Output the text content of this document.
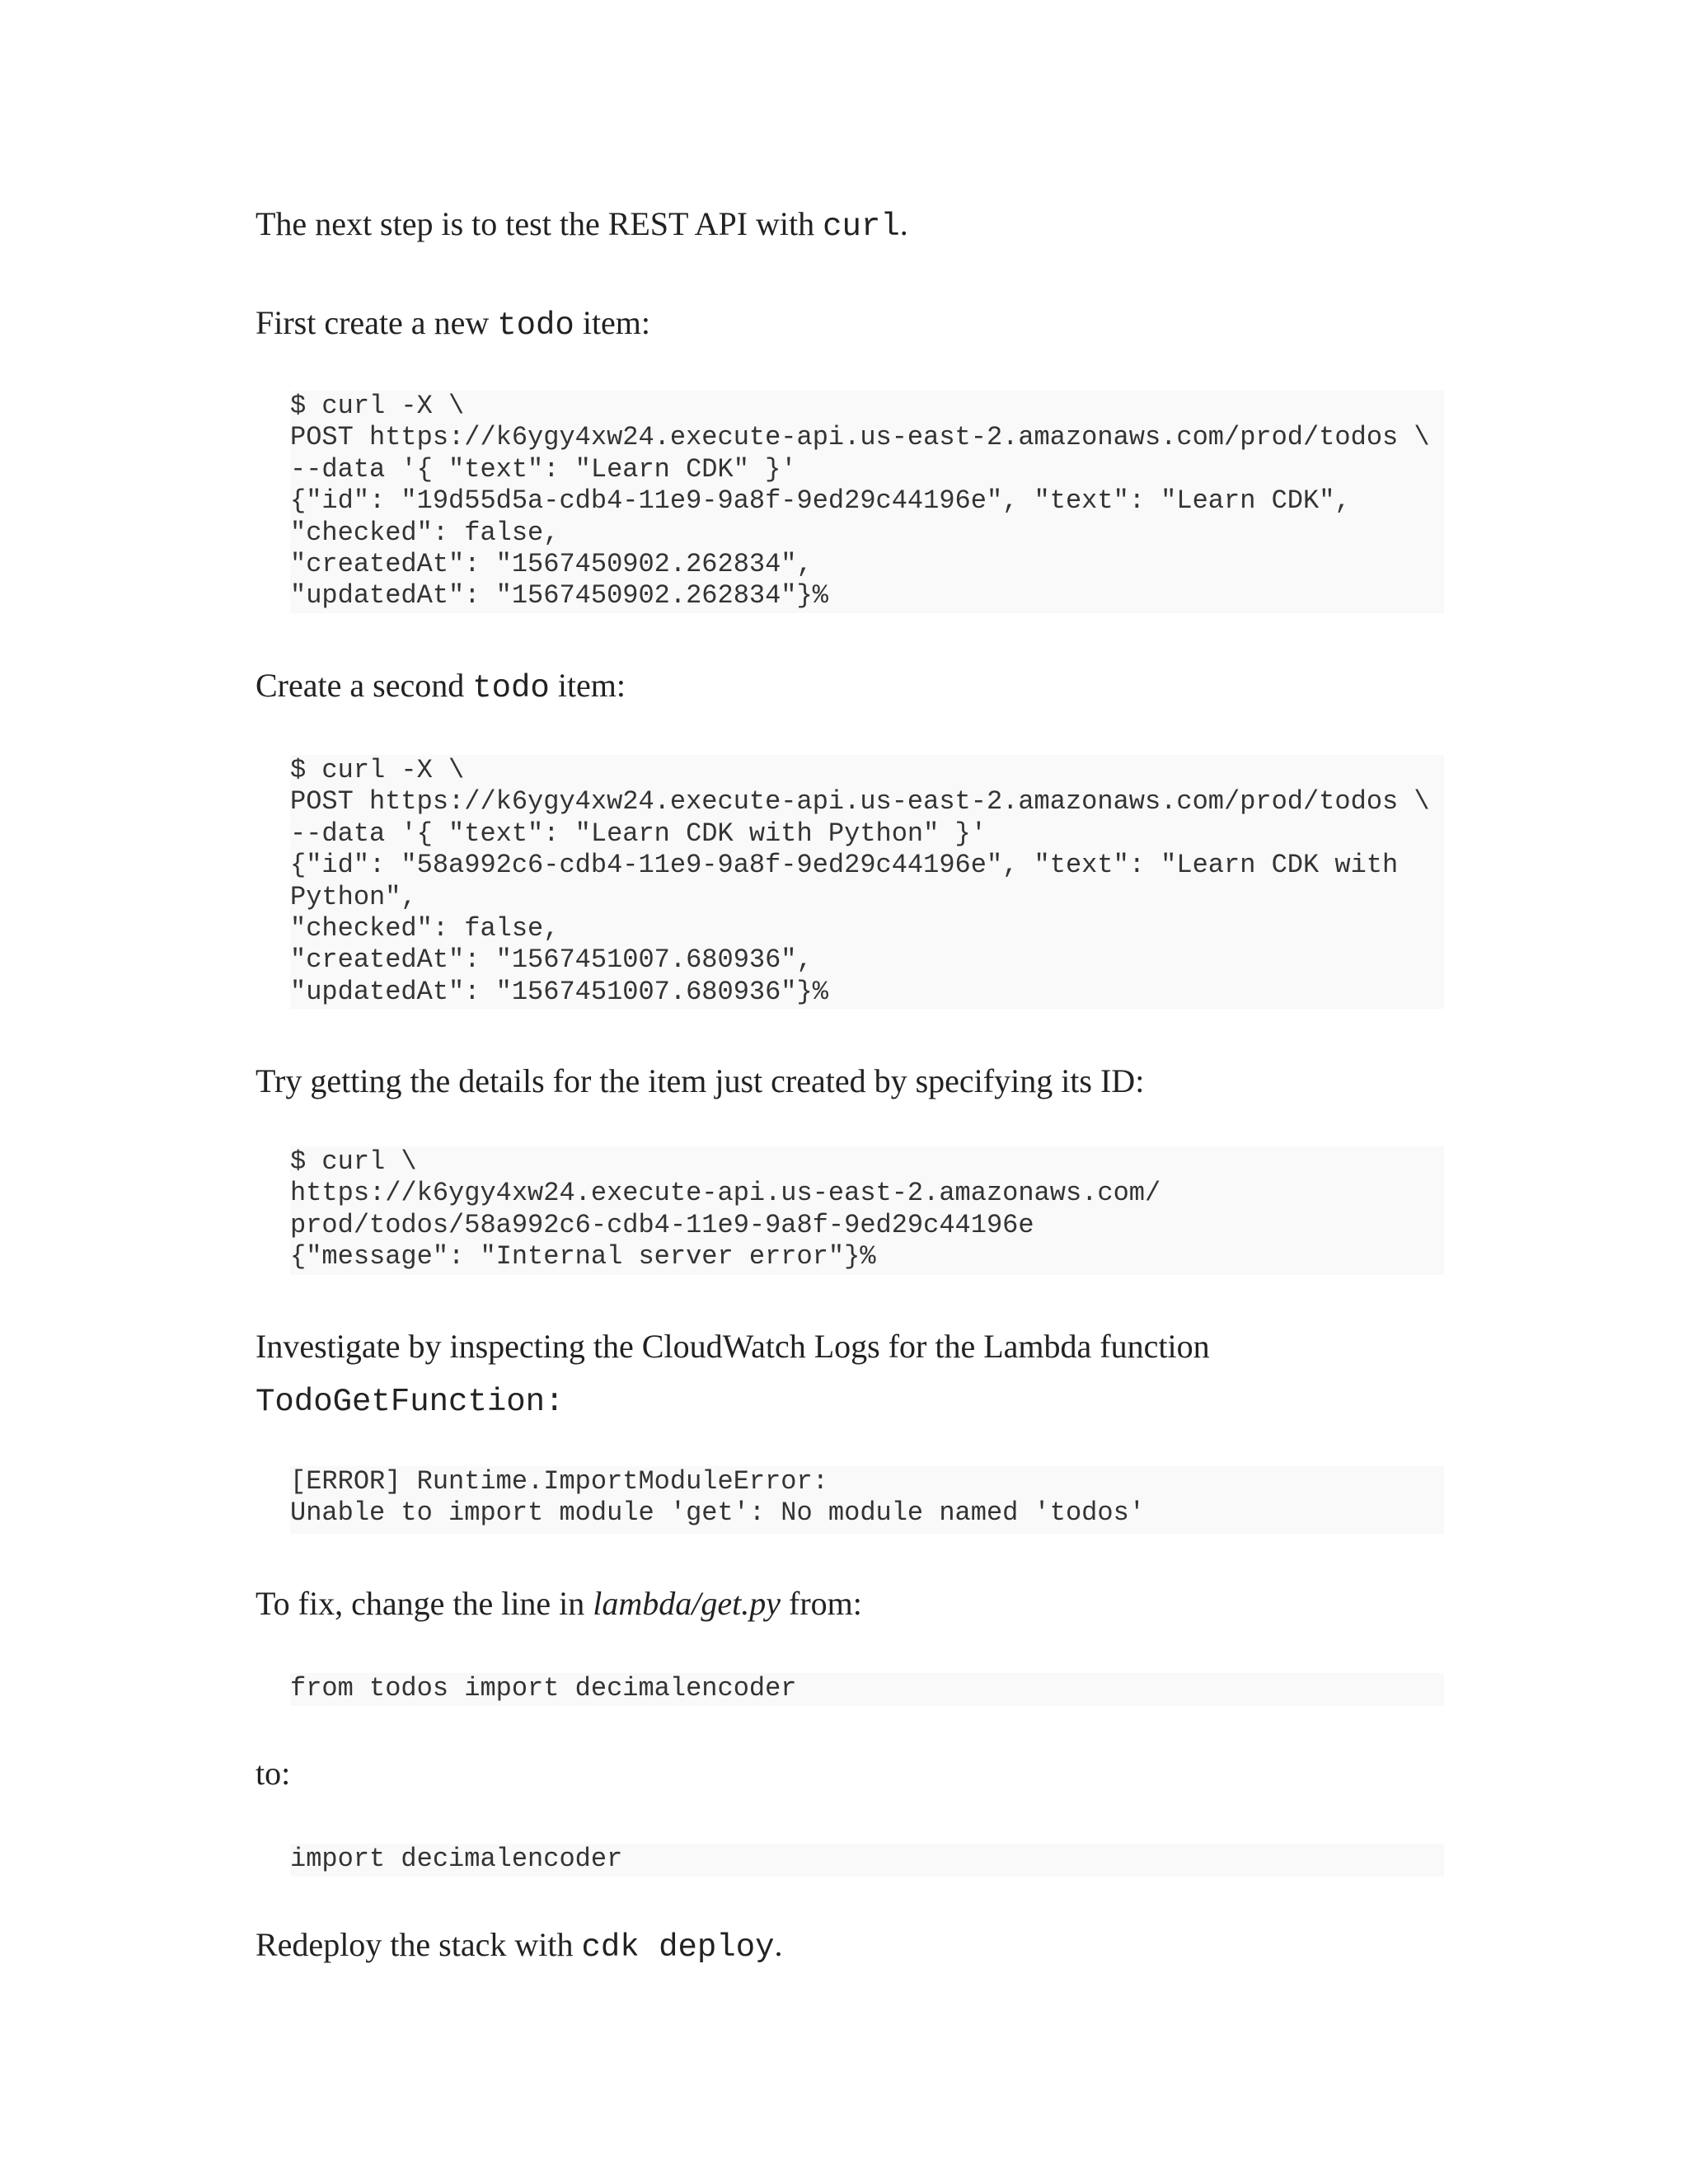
The next step is to test the REST API with curl.

First create a new todo item:

$ curl -X \
POST https://k6ygy4xw24.execute-api.us-east-2.amazonaws.com/prod/todos \
--data '{ "text": "Learn CDK" }'
{"id": "19d55d5a-cdb4-11e9-9a8f-9ed29c44196e", "text": "Learn CDK",
"checked": false,
"createdAt": "1567450902.262834",
"updatedAt": "1567450902.262834"}%

Create a second todo item:

$ curl -X \
POST https://k6ygy4xw24.execute-api.us-east-2.amazonaws.com/prod/todos \
--data '{ "text": "Learn CDK with Python" }'
{"id": "58a992c6-cdb4-11e9-9a8f-9ed29c44196e", "text": "Learn CDK with
Python",
"checked": false,
"createdAt": "1567451007.680936",
"updatedAt": "1567451007.680936"}%

Try getting the details for the item just created by specifying its ID:

$ curl \
https://k6ygy4xw24.execute-api.us-east-2.amazonaws.com/
prod/todos/58a992c6-cdb4-11e9-9a8f-9ed29c44196e
{"message": "Internal server error"}%

Investigate by inspecting the CloudWatch Logs for the Lambda function

TodoGetFunction:

[ERROR] Runtime.ImportModuleError:
Unable to import module 'get': No module named 'todos'

To fix, change the line in lambda/get.py from:

from todos import decimalencoder

to:

import decimalencoder

Redeploy the stack with cdk deploy.
